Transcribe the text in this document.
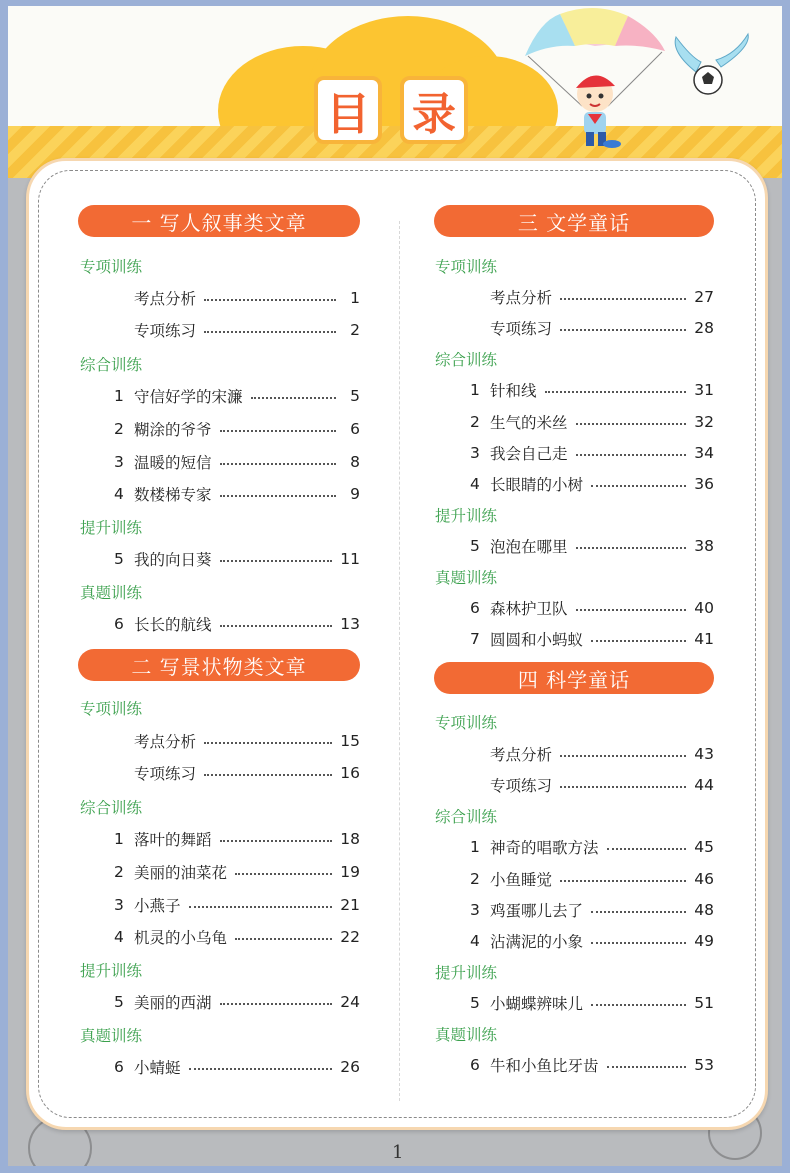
目 录
一 写人叙事类文章
专项训练
考点分析	1
专项练习	2
综合训练
1 守信好学的宋濂	5
2 糊涂的爷爷	6
3 温暖的短信	8
4 数楼梯专家	9
提升训练
5 我的向日葵	11
真题训练
6 长长的航线	13
二 写景状物类文章
专项训练
考点分析	15
专项练习	16
综合训练
1 落叶的舞蹈	18
2 美丽的油菜花	19
3 小燕子	21
4 机灵的小乌龟	22
提升训练
5 美丽的西湖	24
真题训练
6 小蜻蜓	26
三 文学童话
专项训练
考点分析	27
专项练习	28
综合训练
1 针和线	31
2 生气的米丝	32
3 我会自己走	34
4 长眼睛的小树	36
提升训练
5 泡泡在哪里	38
真题训练
6 森林护卫队	40
7 圆圆和小蚂蚁	41
四 科学童话
专项训练
考点分析	43
专项练习	44
综合训练
1 神奇的唱歌方法	45
2 小鱼睡觉	46
3 鸡蛋哪儿去了	48
4 沾满泥的小象	49
提升训练
5 小蝴蝶辨味儿	51
真题训练
6 牛和小鱼比牙齿	53
1
